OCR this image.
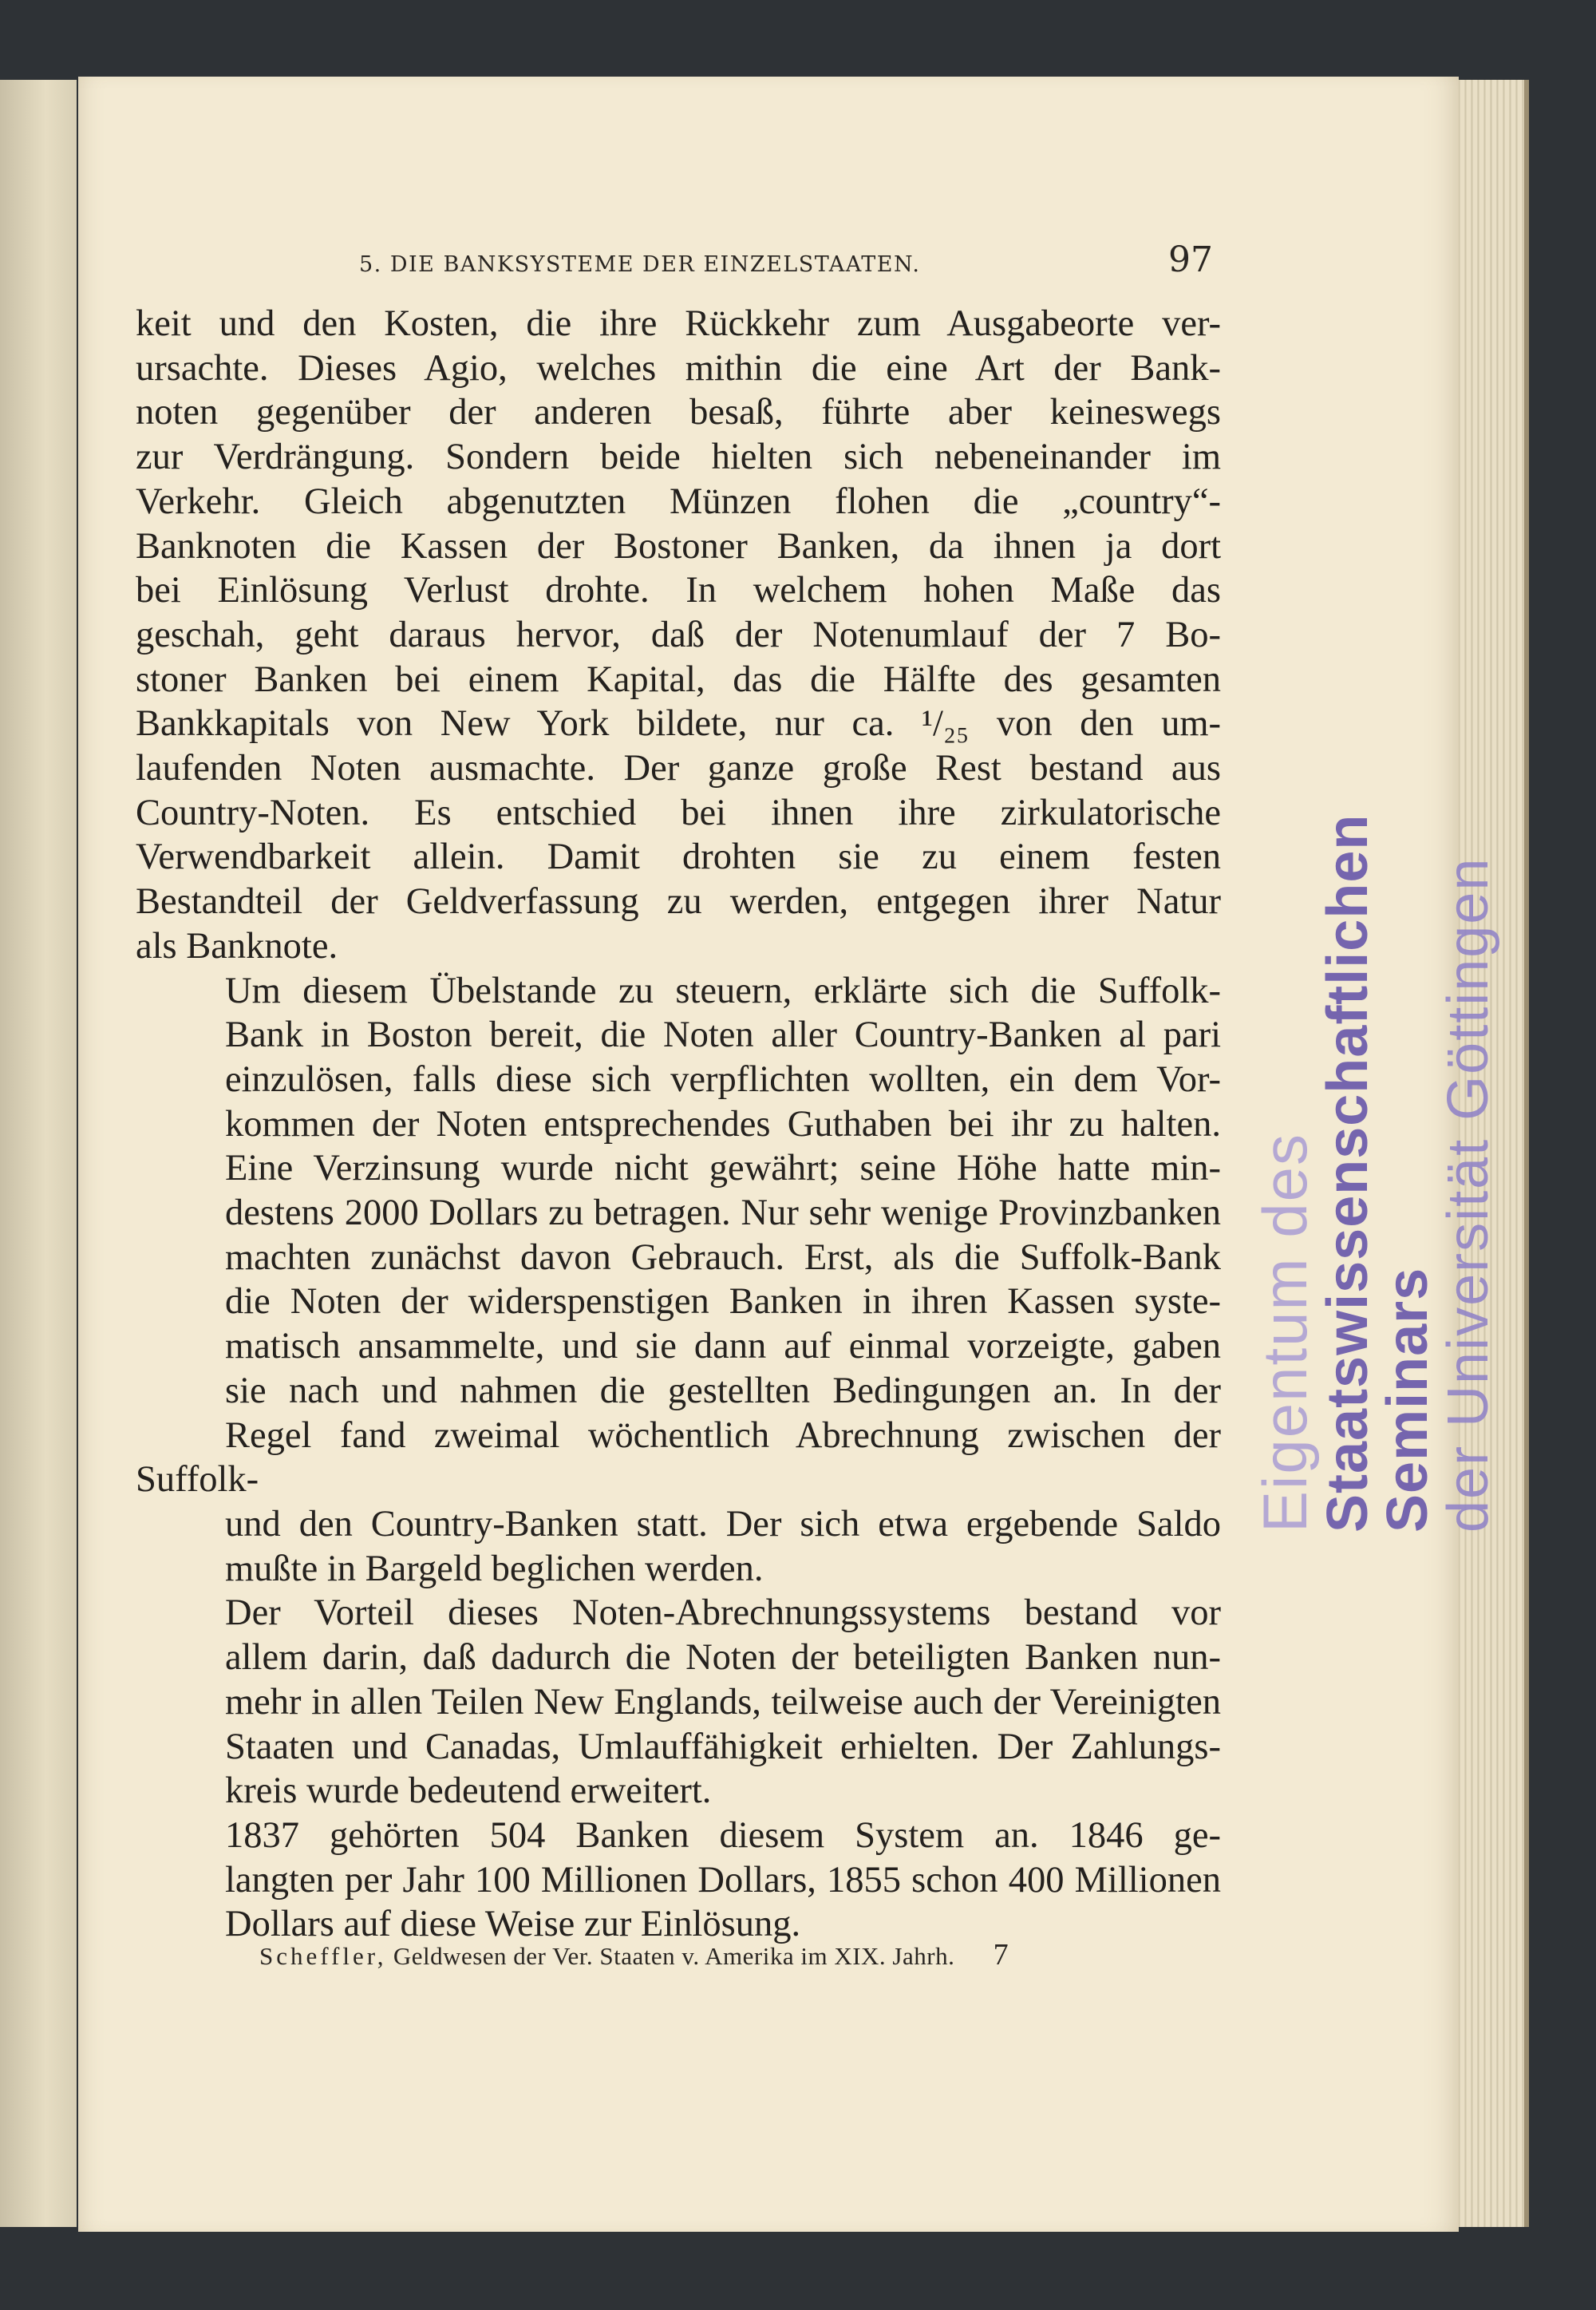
5. DIE BANKSYSTEME DER EINZELSTAATEN.	97

keit und den Kosten, die ihre Rückkehr zum Ausgabeorte ver-
ursachte. Dieses Agio, welches mithin die eine Art der Bank-
noten gegenüber der anderen besaß, führte aber keineswegs
zur Verdrängung. Sondern beide hielten sich nebeneinander im
Verkehr. Gleich abgenutzten Münzen flohen die „country“-
Banknoten die Kassen der Bostoner Banken, da ihnen ja dort
bei Einlösung Verlust drohte. In welchem hohen Maße das
geschah, geht daraus hervor, daß der Notenumlauf der 7 Bo-
stoner Banken bei einem Kapital, das die Hälfte des gesamten
Bankkapitals von New York bildete, nur ca. ¹/₂₅ von den um-
laufenden Noten ausmachte. Der ganze große Rest bestand aus
Country-Noten. Es entschied bei ihnen ihre zirkulatorische
Verwendbarkeit allein. Damit drohten sie zu einem festen
Bestandteil der Geldverfassung zu werden, entgegen ihrer Natur
als Banknote.

Um diesem Übelstande zu steuern, erklärte sich die Suffolk-
Bank in Boston bereit, die Noten aller Country-Banken al pari
einzulösen, falls diese sich verpflichten wollten, ein dem Vor-
kommen der Noten entsprechendes Guthaben bei ihr zu halten.
Eine Verzinsung wurde nicht gewährt; seine Höhe hatte min-
destens 2000 Dollars zu betragen. Nur sehr wenige Provinzbanken
machten zunächst davon Gebrauch. Erst, als die Suffolk-Bank
die Noten der widerspenstigen Banken in ihren Kassen syste-
matisch ansammelte, und sie dann auf einmal vorzeigte, gaben
sie nach und nahmen die gestellten Bedingungen an. In der
Regel fand zweimal wöchentlich Abrechnung zwischen der Suffolk-
und den Country-Banken statt. Der sich etwa ergebende Saldo
mußte in Bargeld beglichen werden.

Der Vorteil dieses Noten-Abrechnungssystems bestand vor
allem darin, daß dadurch die Noten der beteiligten Banken nun-
mehr in allen Teilen New Englands, teilweise auch der Vereinigten
Staaten und Canadas, Umlauffähigkeit erhielten. Der Zahlungs-
kreis wurde bedeutend erweitert.

1837 gehörten 504 Banken diesem System an. 1846 ge-
langten per Jahr 100 Millionen Dollars, 1855 schon 400 Millionen
Dollars auf diese Weise zur Einlösung.

Scheffler, Geldwesen der Ver. Staaten v. Amerika im XIX. Jahrh. 7
Eigentum des
Staatswissenschaftlichen Seminars
der Universität Göttingen
